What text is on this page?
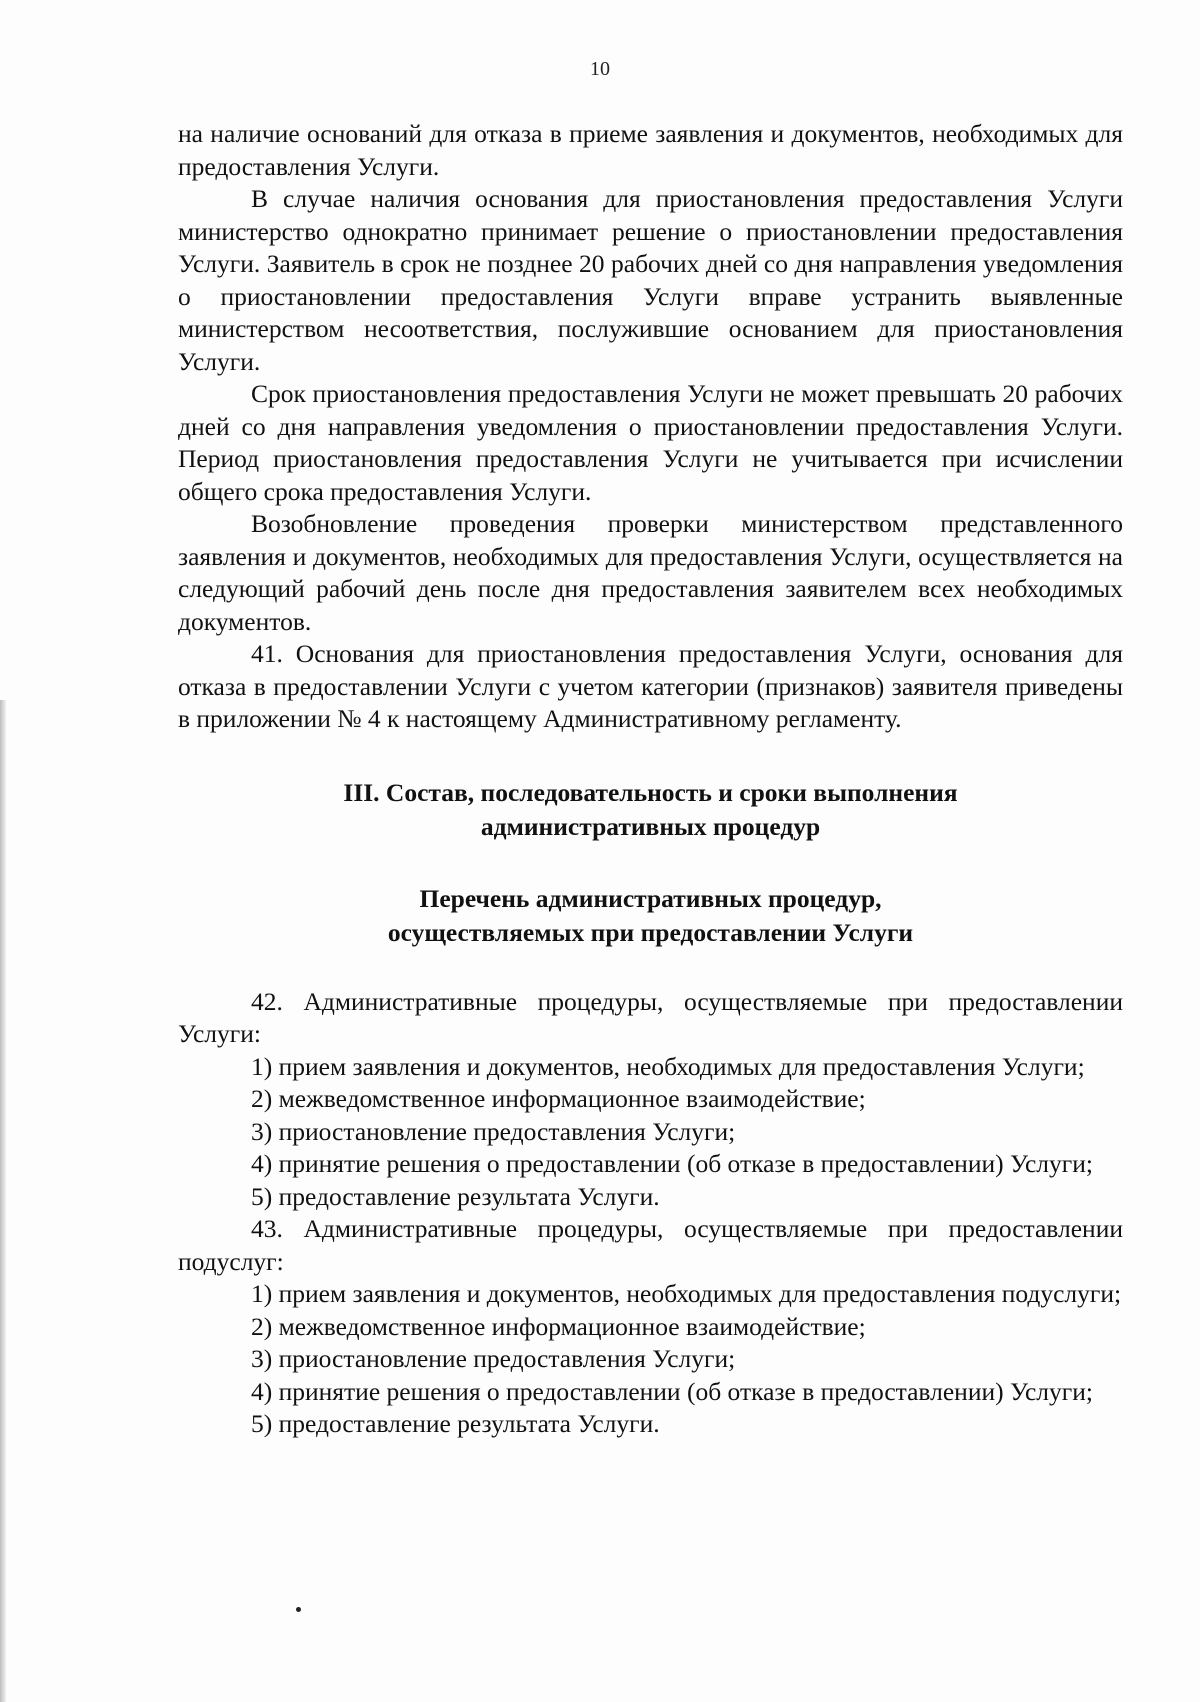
10

на наличие оснований для отказа в приеме заявления и документов, необходимых для предоставления Услуги.

В случае наличия основания для приостановления предоставления Услуги министерство однократно принимает решение о приостановлении предоставления Услуги. Заявитель в срок не позднее 20 рабочих дней со дня направления уведомления о приостановлении предоставления Услуги вправе устранить выявленные министерством несоответствия, послужившие основанием для приостановления Услуги.

Срок приостановления предоставления Услуги не может превышать 20 рабочих дней со дня направления уведомления о приостановлении предоставления Услуги. Период приостановления предоставления Услуги не учитывается при исчислении общего срока предоставления Услуги.

Возобновление проведения проверки министерством представленного заявления и документов, необходимых для предоставления Услуги, осуществляется на следующий рабочий день после дня предоставления заявителем всех необходимых документов.

41. Основания для приостановления предоставления Услуги, основания для отказа в предоставлении Услуги с учетом категории (признаков) заявителя приведены в приложении № 4 к настоящему Административному регламенту.

III. Состав, последовательность и сроки выполнения
административных процедур

Перечень административных процедур,
осуществляемых при предоставлении Услуги

42. Административные процедуры, осуществляемые при предоставлении Услуги:

1) прием заявления и документов, необходимых для предоставления Услуги;

2) межведомственное информационное взаимодействие;

3) приостановление предоставления Услуги;

4) принятие решения о предоставлении (об отказе в предоставлении) Услуги;

5) предоставление результата Услуги.

43. Административные процедуры, осуществляемые при предоставлении подуслуг:

1) прием заявления и документов, необходимых для предоставления подуслуги;

2) межведомственное информационное взаимодействие;

3) приостановление предоставления Услуги;

4) принятие решения о предоставлении (об отказе в предоставлении) Услуги;

5) предоставление результата Услуги.
